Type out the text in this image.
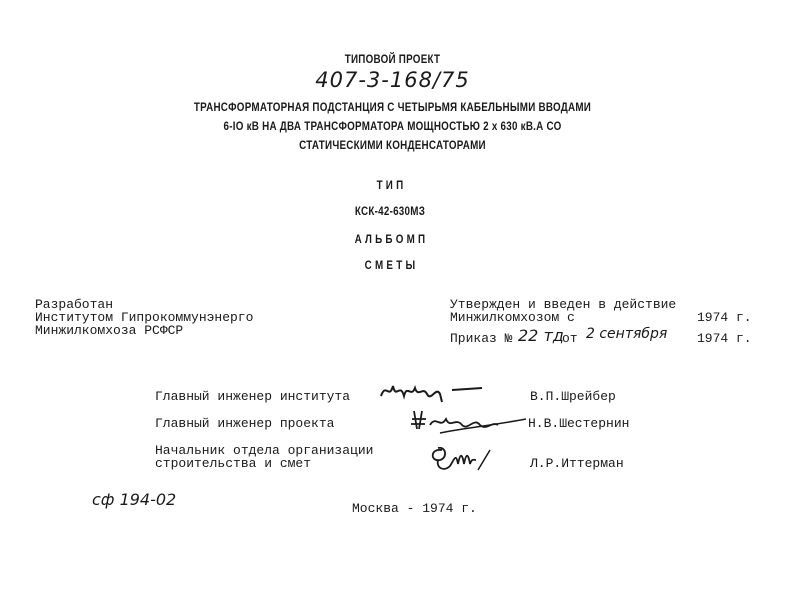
ТИПОВОЙ ПРОЕКТ
407-3-168/75
ТРАНСФОРМАТОРНАЯ ПОДСТАНЦИЯ С ЧЕТЫРЬМЯ КАБЕЛЬНЫМИ ВВОДАМИ
6-IO кВ НА ДВА ТРАНСФОРМАТОРА МОЩНОСТЬЮ 2 х 630 кВ.А СО
СТАТИЧЕСКИМИ КОНДЕНСАТОРАМИ
Т И П
КСК-42-630МЗ
А Л Ь Б О М П
С М Е Т Ы
Разработан
Институтом Гипрокоммунэнерго
Минжилкомхоза РСФСР
Утвержден и введен в действие
Минжилкомхозом с	1974 г.
Приказ № 22 тд
от 2 сентября 1974 г.
Главный инженер института	В.П.Шрейбер
Главный инженер проекта	Н.В.Шестернин
Начальник отдела организации
строительства и смет	Л.Р.Иттерман
сф 194-02	Москва - 1974 г.
